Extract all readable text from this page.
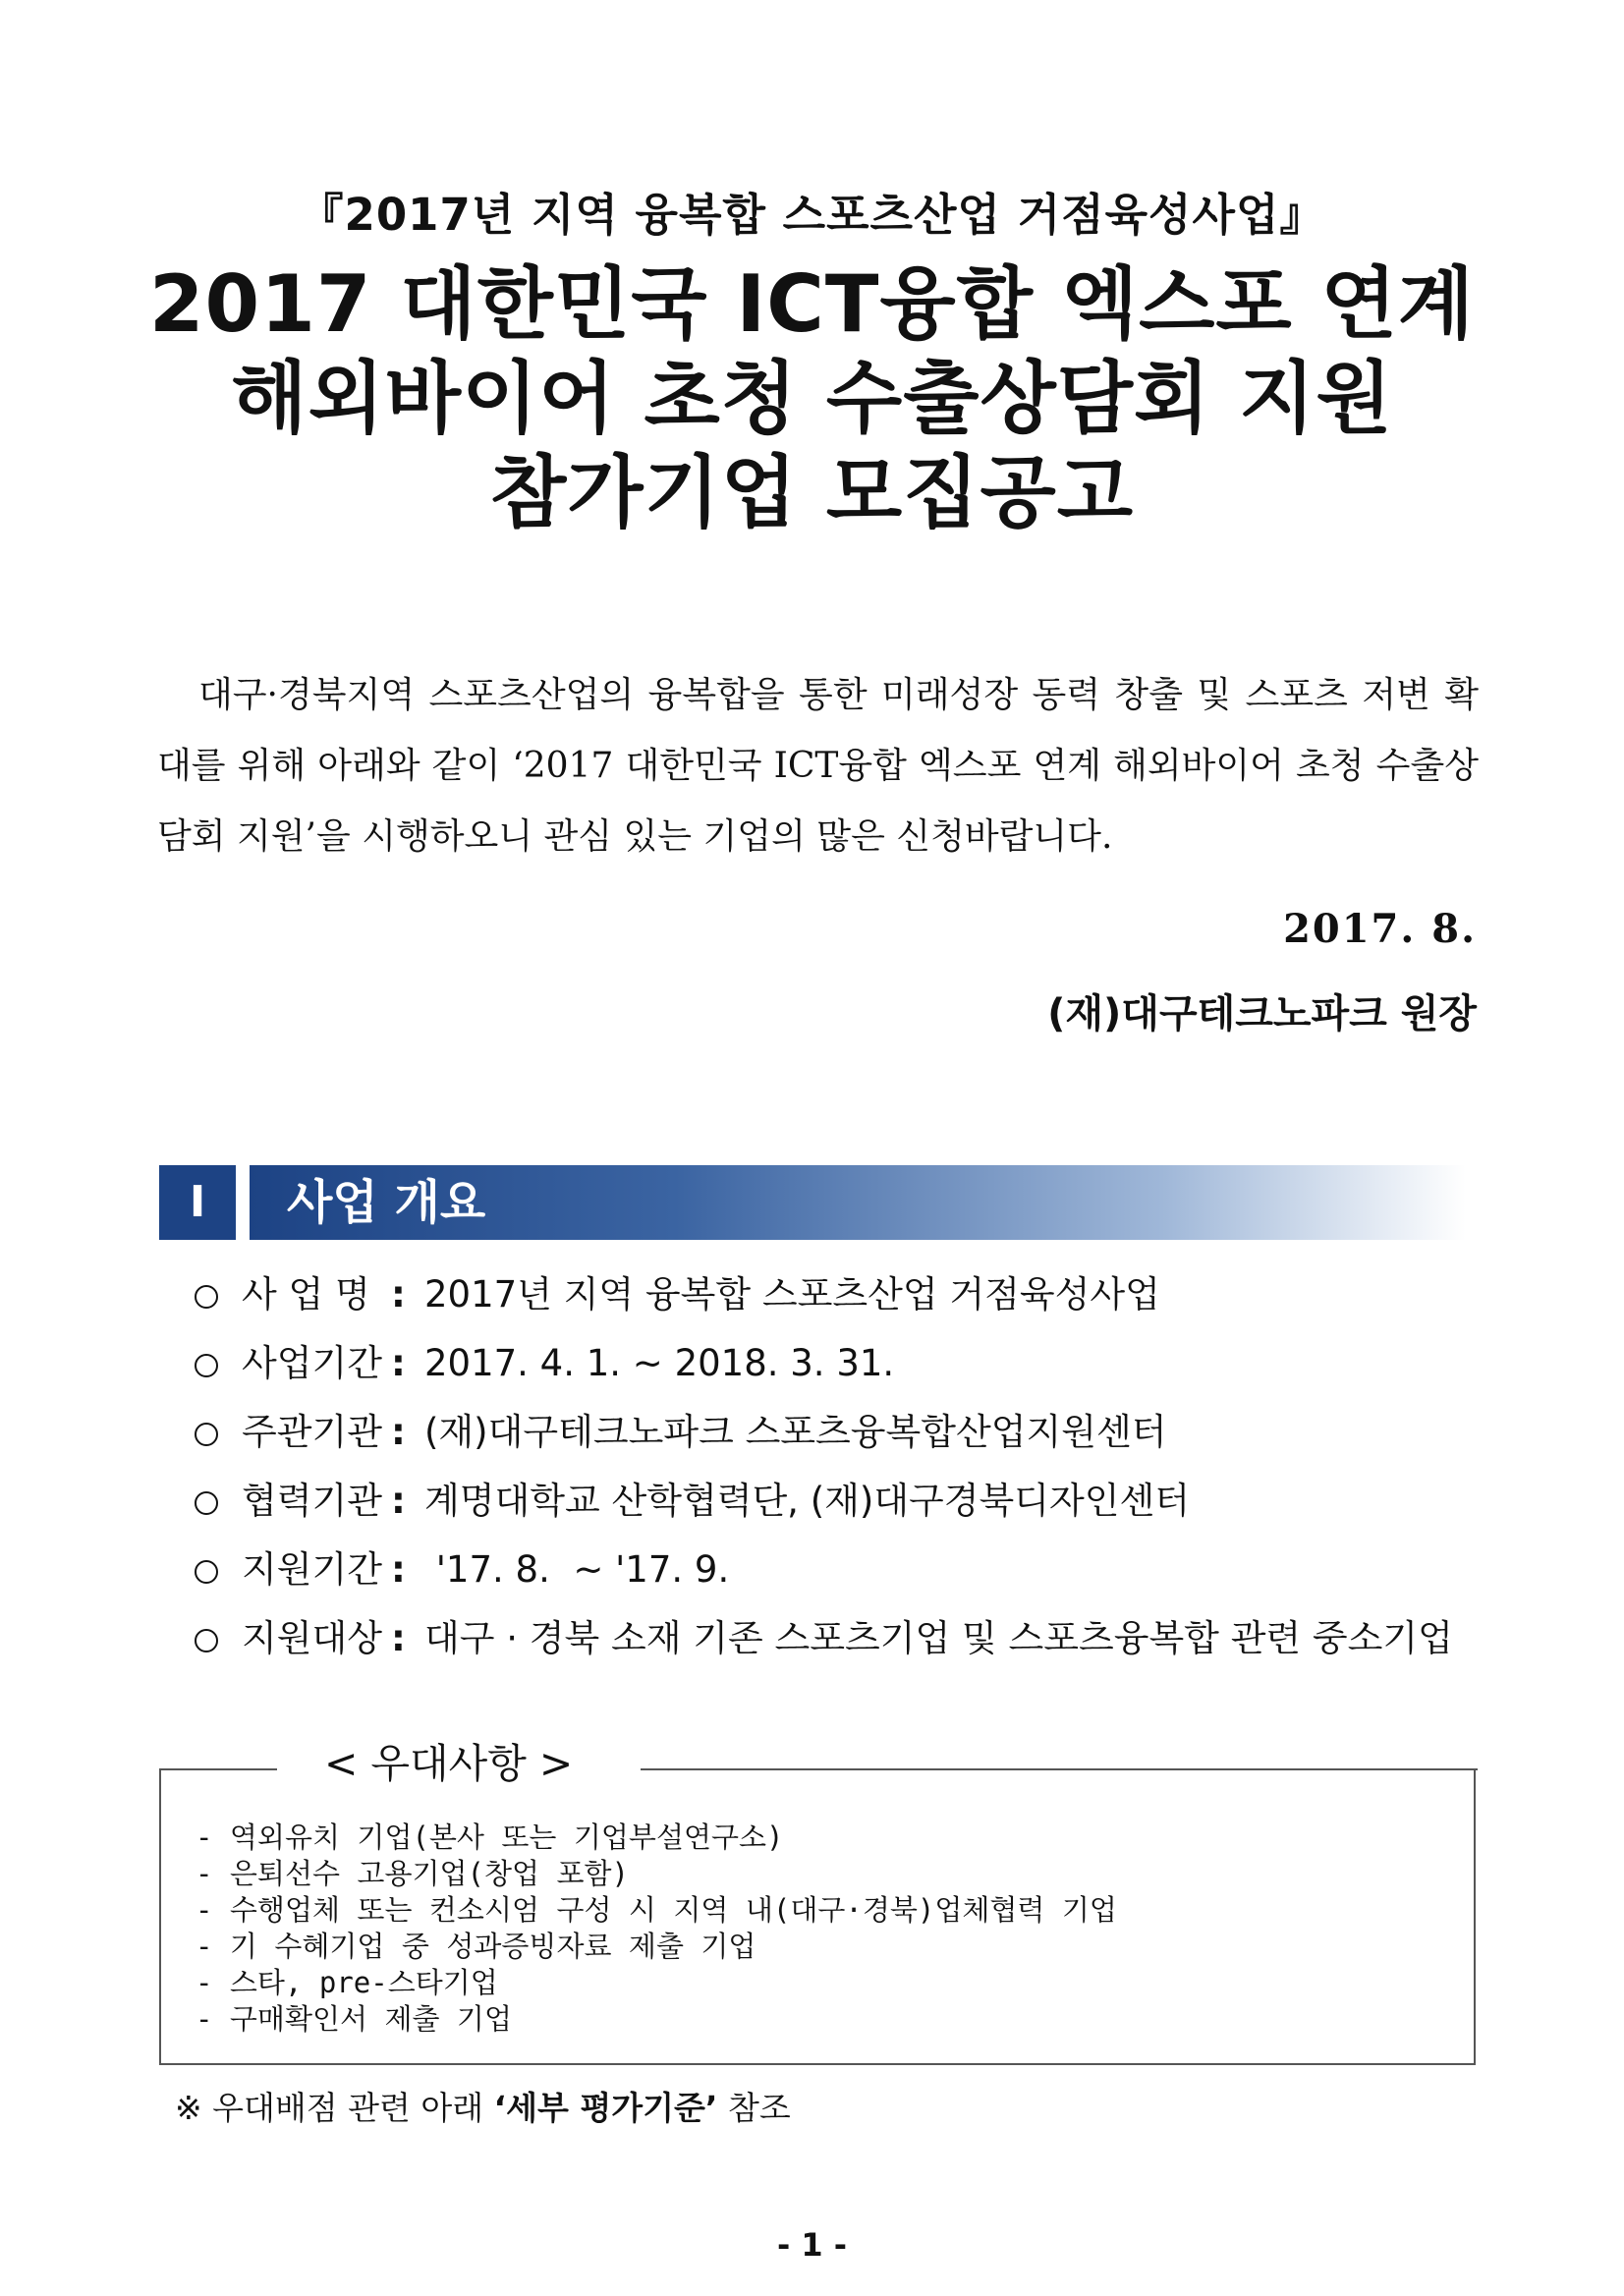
『2017년 지역 융복합 스포츠산업 거점육성사업』
2017 대한민국 ICT융합 엑스포 연계
해외바이어 초청 수출상담회 지원
참가기업 모집공고

대구·경북지역 스포츠산업의 융복합을 통한 미래성장 동력 창출 및 스포츠 저변 확대를 위해 아래와 같이 ‘2017 대한민국 ICT융합 엑스포 연계 해외바이어 초청 수출상담회 지원’을 시행하오니 관심 있는 기업의 많은 신청바랍니다.

2017. 8.
(재)대구테크노파크 원장
Ⅰ	사업 개요
사 업 명 : 2017년 지역 융복합 스포츠산업 거점육성사업
사업기간 : 2017. 4. 1. ~ 2018. 3. 31.
주관기관 : (재)대구테크노파크 스포츠융복합산업지원센터
협력기관 : 계명대학교 산학협력단, (재)대구경북디자인센터
지원기간 : '17. 8.  ~ '17. 9.
지원대상 : 대구 · 경북 소재 기존 스포츠기업 및 스포츠융복합 관련 중소기업
< 우대사항 >
- 역외유치 기업(본사 또는 기업부설연구소)
- 은퇴선수 고용기업(창업 포함)
- 수행업체 또는 컨소시엄 구성 시 지역 내(대구·경북)업체협력 기업
- 기 수혜기업 중 성과증빙자료 제출 기업
- 스타, pre-스타기업
- 구매확인서 제출 기업
※ 우대배점 관련 아래 ‘세부 평가기준’ 참조
- 1 -
